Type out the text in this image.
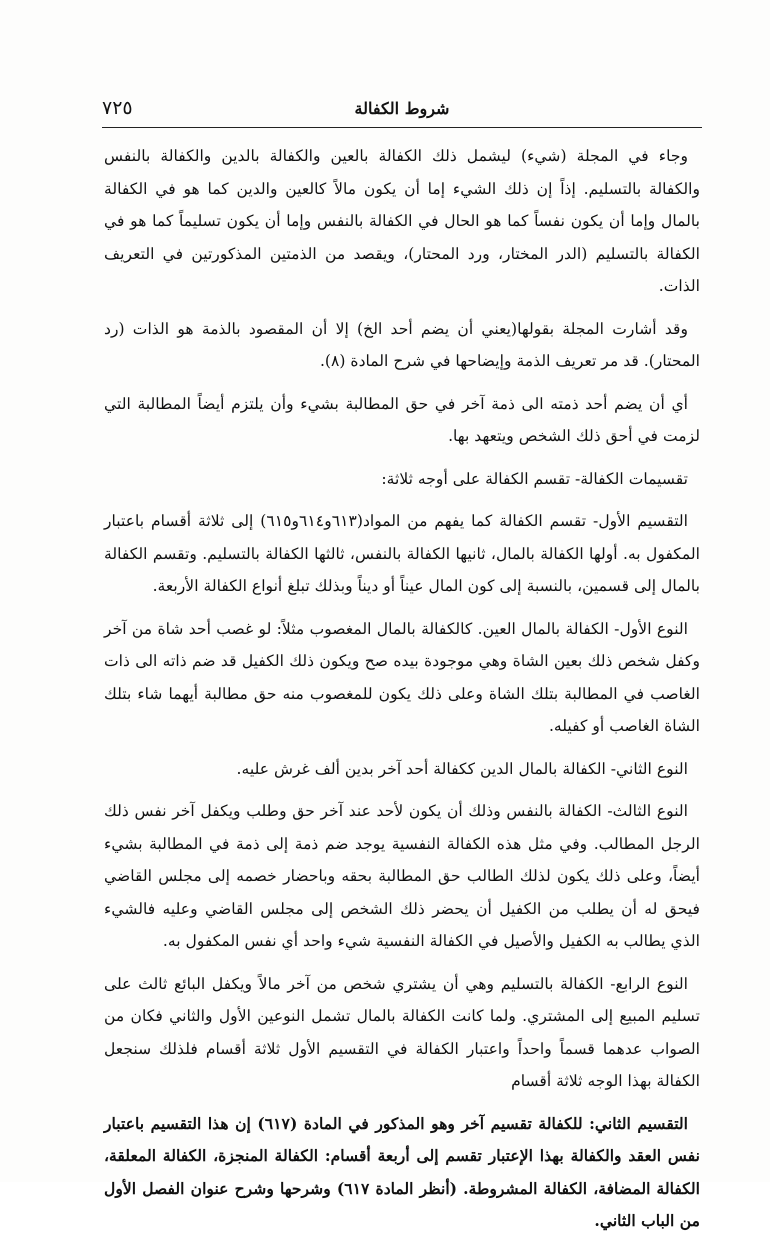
٧٢٥	شروط الكفالة

وجاء في المجلة (شيء) ليشمل ذلك الكفالة بالعين والكفالة بالدين والكفالة بالنفس والكفالة بالتسليم. إذاً إن ذلك الشيء إما أن يكون مالاً كالعين والدين كما هو في الكفالة بالمال وإما أن يكون نفساً كما هو الحال في الكفالة بالنفس وإما أن يكون تسليماً كما هو في الكفالة بالتسليم (الدر المختار، ورد المحتار)، ويقصد من الذمتين المذكورتين في التعريف الذات.

وقد أشارت المجلة بقولها(يعني أن يضم أحد الخ) إلا أن المقصود بالذمة هو الذات (رد المحتار). قد مر تعريف الذمة وإيضاحها في شرح المادة (٨).

أي أن يضم أحد ذمته الى ذمة آخر في حق المطالبة بشيء وأن يلتزم أيضاً المطالبة التي لزمت في أحق ذلك الشخص ويتعهد بها.

تقسيمات الكفالة- تقسم الكفالة على أوجه ثلاثة:

التقسيم الأول- تقسم الكفالة كما يفهم من المواد(٦١٣و٦١٤و٦١٥) إلى ثلاثة أقسام باعتبار المكفول به. أولها الكفالة بالمال، ثانيها الكفالة بالنفس، ثالثها الكفالة بالتسليم. وتقسم الكفالة بالمال إلى قسمين، بالنسبة إلى كون المال عيناً أو ديناً وبذلك تبلغ أنواع الكفالة الأربعة.

النوع الأول- الكفالة بالمال العين. كالكفالة بالمال المغصوب مثلاً: لو غصب أحد شاة من آخر وكفل شخص ذلك بعين الشاة وهي موجودة بيده صح ويكون ذلك الكفيل قد ضم ذاته الى ذات الغاصب في المطالبة بتلك الشاة وعلى ذلك يكون للمغصوب منه حق مطالبة أيهما شاء بتلك الشاة الغاصب أو كفيله.

النوع الثاني- الكفالة بالمال الدين ككفالة أحد آخر بدين ألف غرش عليه.

النوع الثالث- الكفالة بالنفس وذلك أن يكون لأحد عند آخر حق وطلب ويكفل آخر نفس ذلك الرجل المطالب. وفي مثل هذه الكفالة النفسية يوجد ضم ذمة إلى ذمة في المطالبة بشيء أيضاً، وعلى ذلك يكون لذلك الطالب حق المطالبة بحقه وباحضار خصمه إلى مجلس القاضي فيحق له أن يطلب من الكفيل أن يحضر ذلك الشخص إلى مجلس القاضي وعليه فالشيء الذي يطالب به الكفيل والأصيل في الكفالة النفسية شيء واحد أي نفس المكفول به.

النوع الرابع- الكفالة بالتسليم وهي أن يشتري شخص من آخر مالاً ويكفل البائع ثالث على تسليم المبيع إلى المشتري. ولما كانت الكفالة بالمال تشمل النوعين الأول والثاني فكان من الصواب عدهما قسماً واحداً واعتبار الكفالة في التقسيم الأول ثلاثة أقسام فلذلك سنجعل الكفالة بهذا الوجه ثلاثة أقسام

التقسيم الثاني: للكفالة تقسيم آخر وهو المذكور في المادة (٦١٧) إن هذا التقسيم باعتبار نفس العقد والكفالة بهذا الإعتبار تقسم إلى أربعة أقسام: الكفالة المنجزة، الكفالة المعلقة، الكفالة المضافة، الكفالة المشروطة. (أنظر المادة ٦١٧) وشرحها وشرح عنوان الفصل الأول من الباب الثاني.
